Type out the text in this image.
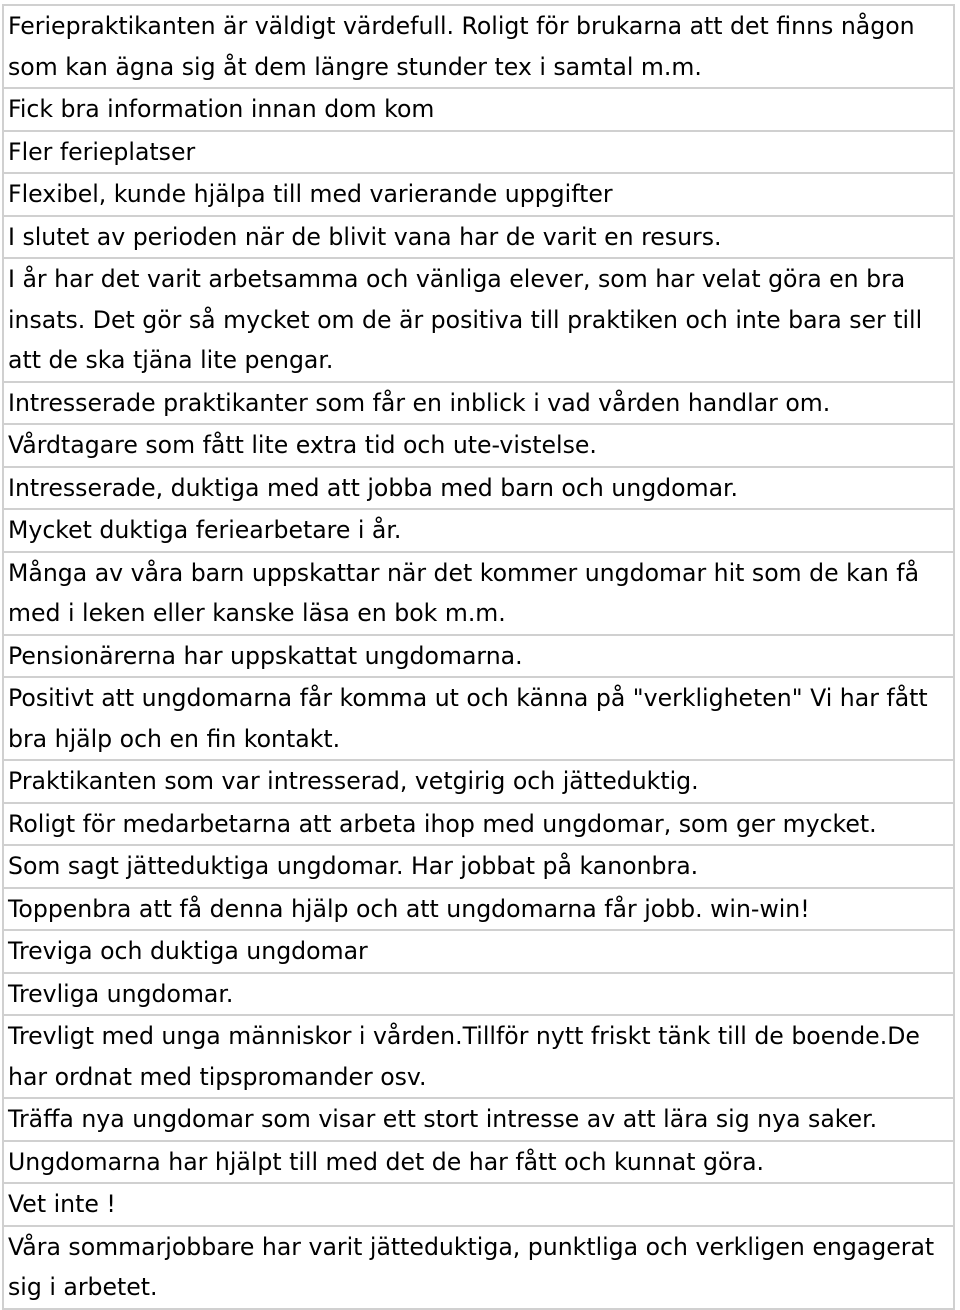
Feriepraktikanten är väldigt värdefull. Roligt för brukarna att det finns någon som kan ägna sig åt dem längre stunder tex i samtal m.m.
Fick bra information innan dom kom
Fler ferieplatser
Flexibel, kunde hjälpa till med varierande uppgifter
I slutet av perioden när de blivit vana har de varit en resurs.
I år har det varit arbetsamma och vänliga elever, som har velat göra en bra insats. Det gör så mycket om de är positiva till praktiken och inte bara ser till att de ska tjäna lite pengar.
Intresserade praktikanter som får en inblick i vad vården handlar om.
Vårdtagare som fått lite extra tid och ute-vistelse.
Intresserade, duktiga med att jobba med barn och ungdomar.
Mycket duktiga feriearbetare i år.
Många av våra barn uppskattar när det kommer ungdomar hit som de kan få med i leken eller kanske läsa en bok m.m.
Pensionärerna har uppskattat ungdomarna.
Positivt att ungdomarna får komma ut och känna på "verkligheten" Vi har fått bra hjälp och en fin kontakt.
Praktikanten som var intresserad, vetgirig och jätteduktig.
Roligt för medarbetarna att arbeta ihop med ungdomar, som ger mycket.
Som sagt jätteduktiga ungdomar. Har jobbat på kanonbra.
Toppenbra att få denna hjälp och att ungdomarna får jobb. win-win!
Treviga och duktiga ungdomar
Trevliga ungdomar.
Trevligt med unga människor i vården.Tillför nytt friskt tänk till de boende.De har ordnat med tipspromander osv.
Träffa nya ungdomar som visar ett stort intresse av att lära sig nya saker.
Ungdomarna har hjälpt till med det de har fått och kunnat göra.
Vet inte !
Våra sommarjobbare har varit jätteduktiga, punktliga och verkligen engagerat sig i arbetet.
